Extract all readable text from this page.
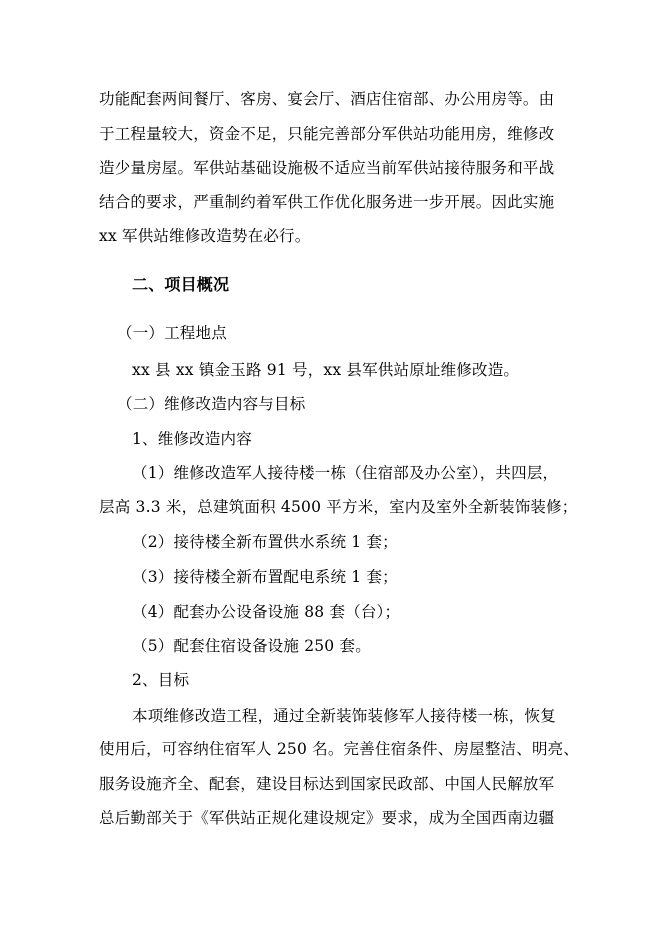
功能配套两间餐厅、客房、宴会厅、酒店住宿部、办公用房等。由
于工程量较大，资金不足，只能完善部分军供站功能用房，维修改
造少量房屋。军供站基础设施极不适应当前军供站接待服务和平战
结合的要求，严重制约着军供工作优化服务进一步开展。因此实施
xx 军供站维修改造势在必行。
二、项目概况
（一）工程地点
xx 县 xx 镇金玉路 91 号，xx 县军供站原址维修改造。
（二）维修改造内容与目标
1、维修改造内容
（1）维修改造军人接待楼一栋（住宿部及办公室），共四层，
层高 3.3 米，总建筑面积 4500 平方米，室内及室外全新装饰装修；
（2）接待楼全新布置供水系统 1 套；
（3）接待楼全新布置配电系统 1 套；
（4）配套办公设备设施 88 套（台）；
（5）配套住宿设备设施 250 套。
2、目标
本项维修改造工程，通过全新装饰装修军人接待楼一栋，恢复
使用后，可容纳住宿军人 250 名。完善住宿条件、房屋整洁、明亮、
服务设施齐全、配套，建设目标达到国家民政部、中国人民解放军
总后勤部关于《军供站正规化建设规定》要求，成为全国西南边疆
